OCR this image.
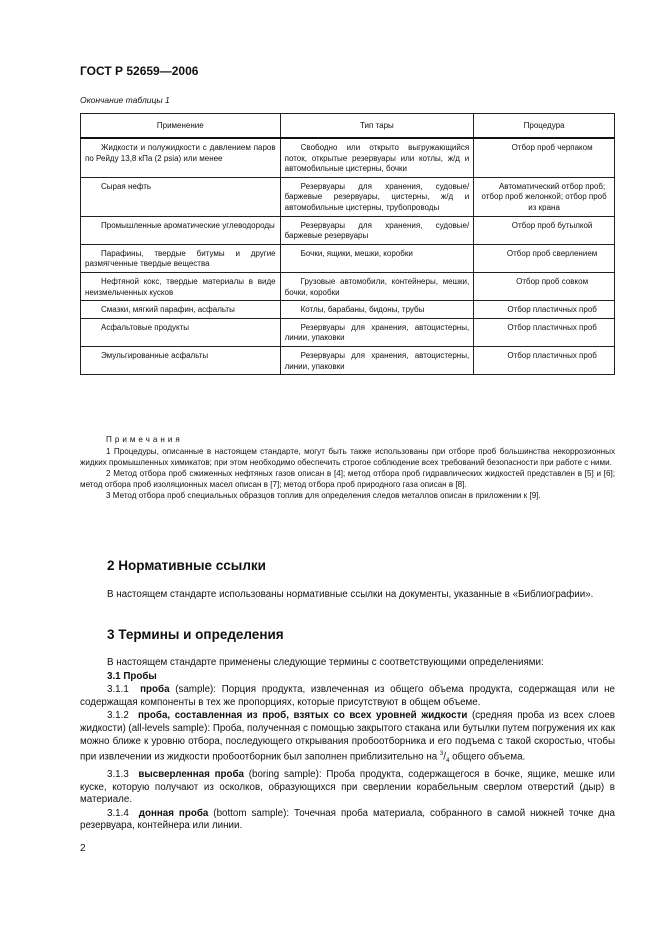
ГОСТ Р 52659—2006
Окончание таблицы 1
Применение	Тип тары	Процедура

Жидкости и полужидкости с давлением паров по Рейду 13,8 кПа (2 psia) или менее	Свободно или открыто выгружающийся поток, открытые резервуары или котлы, ж/д и автомобильные цистерны, бочки	Отбор проб черпаком

Сырая нефть	Резервуары для хранения, судовые/баржевые резервуары, цистерны, ж/д и автомобильные цистерны, трубопроводы	Автоматический отбор проб; отбор проб желонкой; отбор проб из крана

Промышленные ароматические углеводороды	Резервуары для хранения, судовые/баржевые резервуары	Отбор проб бутылкой

Парафины, твердые битумы и другие размягченные твердые вещества	Бочки, ящики, мешки, коробки	Отбор проб сверлением

Нефтяной кокс, твердые материалы в виде неизмельченных кусков	Грузовые автомобили, контейнеры, мешки, бочки, коробки	Отбор проб совком

Смазки, мягкий парафин, асфальты	Котлы, барабаны, бидоны, трубы	Отбор пластичных проб

Асфальтовые продукты	Резервуары для хранения, автоцистерны, линии, упаковки	Отбор пластичных проб

Эмульгированные асфальты	Резервуары для хранения, автоцистерны, линии, упаковки	Отбор пластичных проб

Примечания

1 Процедуры, описанные в настоящем стандарте, могут быть также использованы при отборе проб большинства некоррозионных жидких промышленных химикатов; при этом необходимо обеспечить строгое соблюдение всех требований безопасности при работе с ними.

2 Метод отбора проб сжиженных нефтяных газов описан в [4]; метод отбора проб гидравлических жидкостей представлен в [5] и [6]; метод отбора проб изоляционных масел описан в [7]; метод отбора проб природного газа описан в [8].

3 Метод отбора проб специальных образцов топлив для определения следов металлов описан в приложении к [9].

2 Нормативные ссылки

В настоящем стандарте использованы нормативные ссылки на документы, указанные в «Библиографии».

3 Термины и определения

В настоящем стандарте применены следующие термины с соответствующими определениями:

3.1 Пробы

3.1.1 проба (sample): Порция продукта, извлеченная из общего объема продукта, содержащая или не содержащая компоненты в тех же пропорциях, которые присутствуют в общем объеме.

3.1.2 проба, составленная из проб, взятых со всех уровней жидкости (средняя проба из всех слоев жидкости) (all-levels sample): Проба, полученная с помощью закрытого стакана или бутылки путем погружения их как можно ближе к уровню отбора, последующего открывания пробоотборника и его подъема с такой скоростью, чтобы при извлечении из жидкости пробоотборник был заполнен приблизительно на $^3/_4$ общего объема.

3.1.3 высверленная проба (boring sample): Проба продукта, содержащегося в бочке, ящике, мешке или куске, которую получают из осколков, образующихся при сверлении корабельным сверлом отверстий (дыр) в материале.

3.1.4 донная проба (bottom sample): Точечная проба материала, собранного в самой нижней точке дна резервуара, контейнера или линии.

2
